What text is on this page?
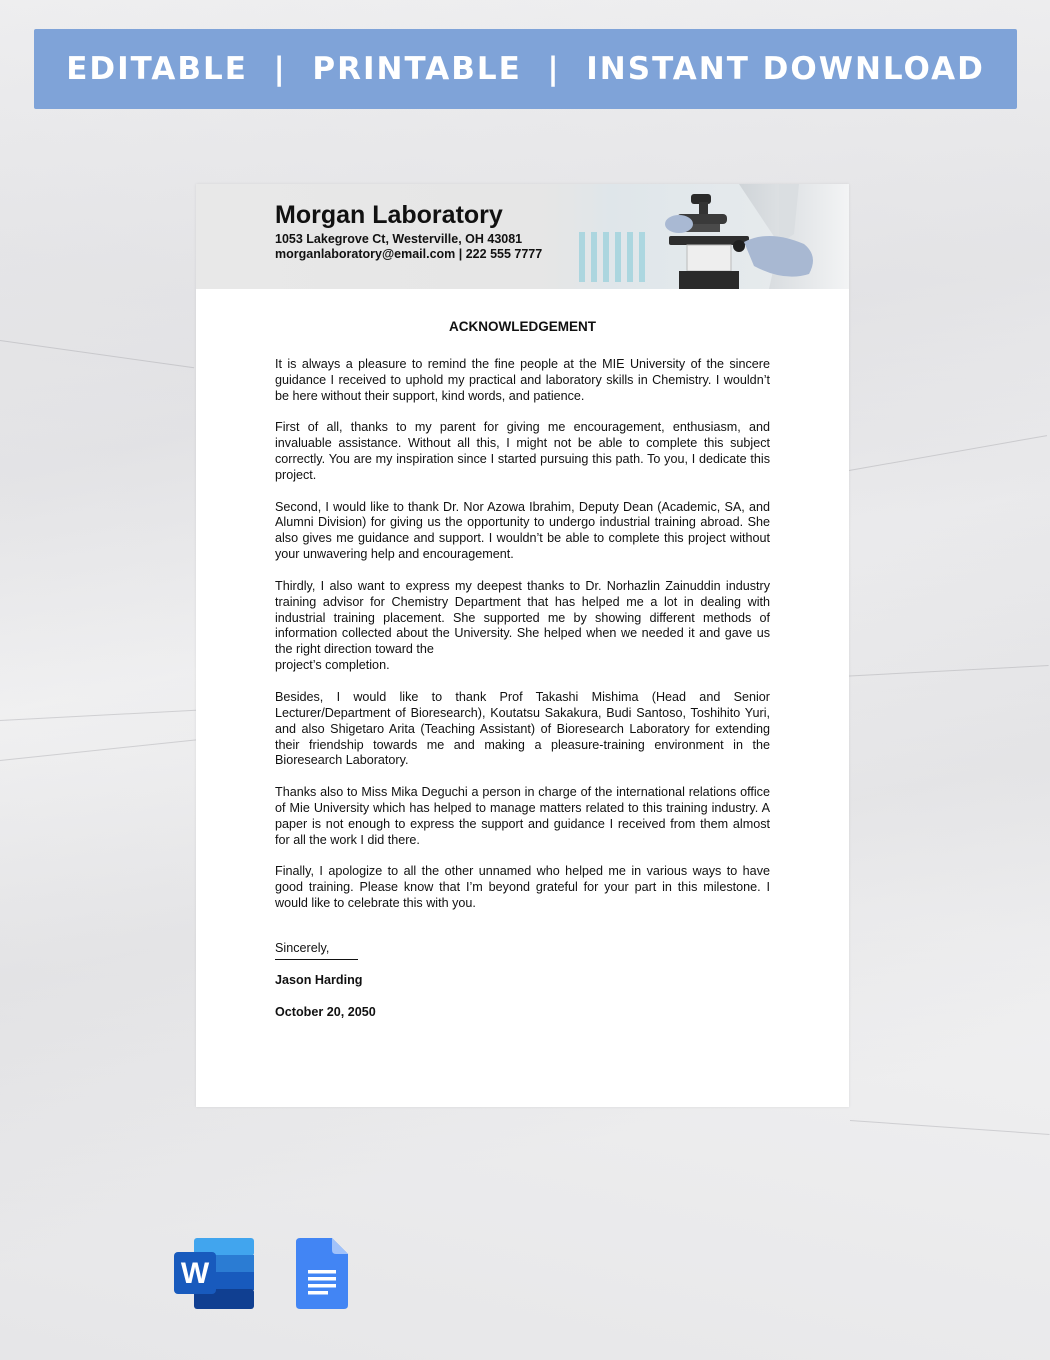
EDITABLE  |  PRINTABLE  |  INSTANT DOWNLOAD
Morgan Laboratory
1053 Lakegrove Ct, Westerville, OH 43081
morganlaboratory@email.com | 222 555 7777
ACKNOWLEDGEMENT

It is always a pleasure to remind the fine people at the MIE University of the sincere guidance I received to uphold my practical and laboratory skills in Chemistry. I wouldn’t be here without their support, kind words, and patience.

First of all, thanks to my parent for giving me encouragement, enthusiasm, and invaluable assistance. Without all this, I might not be able to complete this subject correctly. You are my inspiration since I started pursuing this path. To you, I dedicate this project.

Second, I would like to thank Dr. Nor Azowa Ibrahim, Deputy Dean (Academic, SA, and Alumni Division) for giving us the opportunity to undergo industrial training abroad. She also gives me guidance and support. I wouldn’t be able to complete this project without your unwavering help and encouragement.

Thirdly, I also want to express my deepest thanks to Dr. Norhazlin Zainuddin industry training advisor for Chemistry Department that has helped me a lot in dealing with industrial training placement. She supported me by showing different methods of information collected about the University. She helped when we needed it and gave us the right direction toward the
project’s completion.

Besides, I would like to thank Prof Takashi Mishima (Head and Senior Lecturer/Department of Bioresearch), Koutatsu Sakakura, Budi Santoso, Toshihito Yuri, and also Shigetaro Arita (Teaching Assistant) of Bioresearch Laboratory for extending their friendship towards me and making a pleasure-training environment in the Bioresearch Laboratory.

Thanks also to Miss Mika Deguchi a person in charge of the international relations office of Mie University which has helped to manage matters related to this training industry. A paper is not enough to express the support and guidance I received from them almost for all the work I did there.

Finally, I apologize to all the other unnamed who helped me in various ways to have good training. Please know that I’m beyond grateful for your part in this milestone. I would like to celebrate this with you.

Sincerely,
Jason Harding
October 20, 2050
W
